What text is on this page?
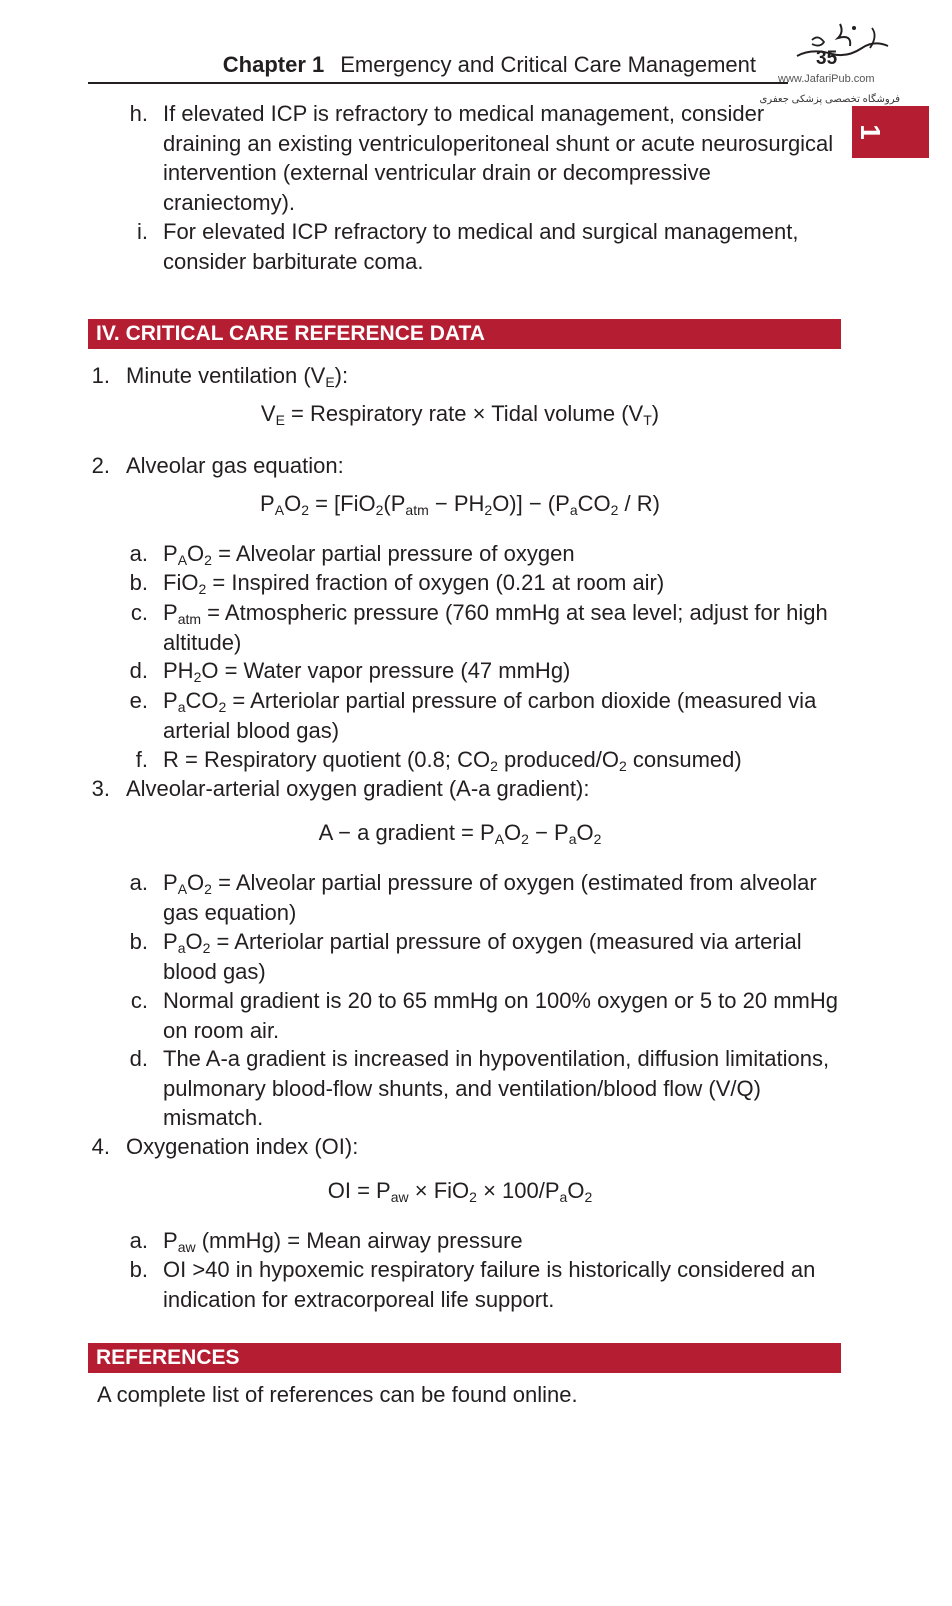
Chapter 1 Emergency and Critical Care Management	35
www.JafariPub.com
فروشگاه تخصصی پزشکی جعفری
1
h. If elevated ICP is refractory to medical management, consider draining an existing ventriculoperitoneal shunt or acute neurosurgical intervention (external ventricular drain or decompressive craniectomy).
i. For elevated ICP refractory to medical and surgical management, consider barbiturate coma.
IV. CRITICAL CARE REFERENCE DATA
1. Minute ventilation $(V_E)$:
$V_E$ = Respiratory rate × Tidal volume $(V_T)$
2. Alveolar gas equation:
$P_AO_2 = [FiO_2(P_{atm} - PH_2O)] - (P_aCO_2 / R)$
a. $P_AO_2$ = Alveolar partial pressure of oxygen
b. FiO$_2$ = Inspired fraction of oxygen (0.21 at room air)
c. $P_{atm}$ = Atmospheric pressure (760 mmHg at sea level; adjust for high altitude)
d. $PH_2O$ = Water vapor pressure (47 mmHg)
e. $P_aCO_2$ = Arteriolar partial pressure of carbon dioxide (measured via arterial blood gas)
f. R = Respiratory quotient (0.8; $CO_2$ produced/$O_2$ consumed)
3. Alveolar-arterial oxygen gradient (A-a gradient):
A − a gradient = $P_AO_2 - P_aO_2$
a. $P_AO_2$ = Alveolar partial pressure of oxygen (estimated from alveolar gas equation)
b. $P_aO_2$ = Arteriolar partial pressure of oxygen (measured via arterial blood gas)
c. Normal gradient is 20 to 65 mmHg on 100% oxygen or 5 to 20 mmHg on room air.
d. The A-a gradient is increased in hypoventilation, diffusion limitations, pulmonary blood-flow shunts, and ventilation/blood flow (V/Q) mismatch.
4. Oxygenation index (OI):
OI = $P_{aw} \times FiO_2 \times 100/P_aO_2$
a. $P_{aw}$ (mmHg) = Mean airway pressure
b. OI >40 in hypoxemic respiratory failure is historically considered an indication for extracorporeal life support.
REFERENCES
A complete list of references can be found online.
